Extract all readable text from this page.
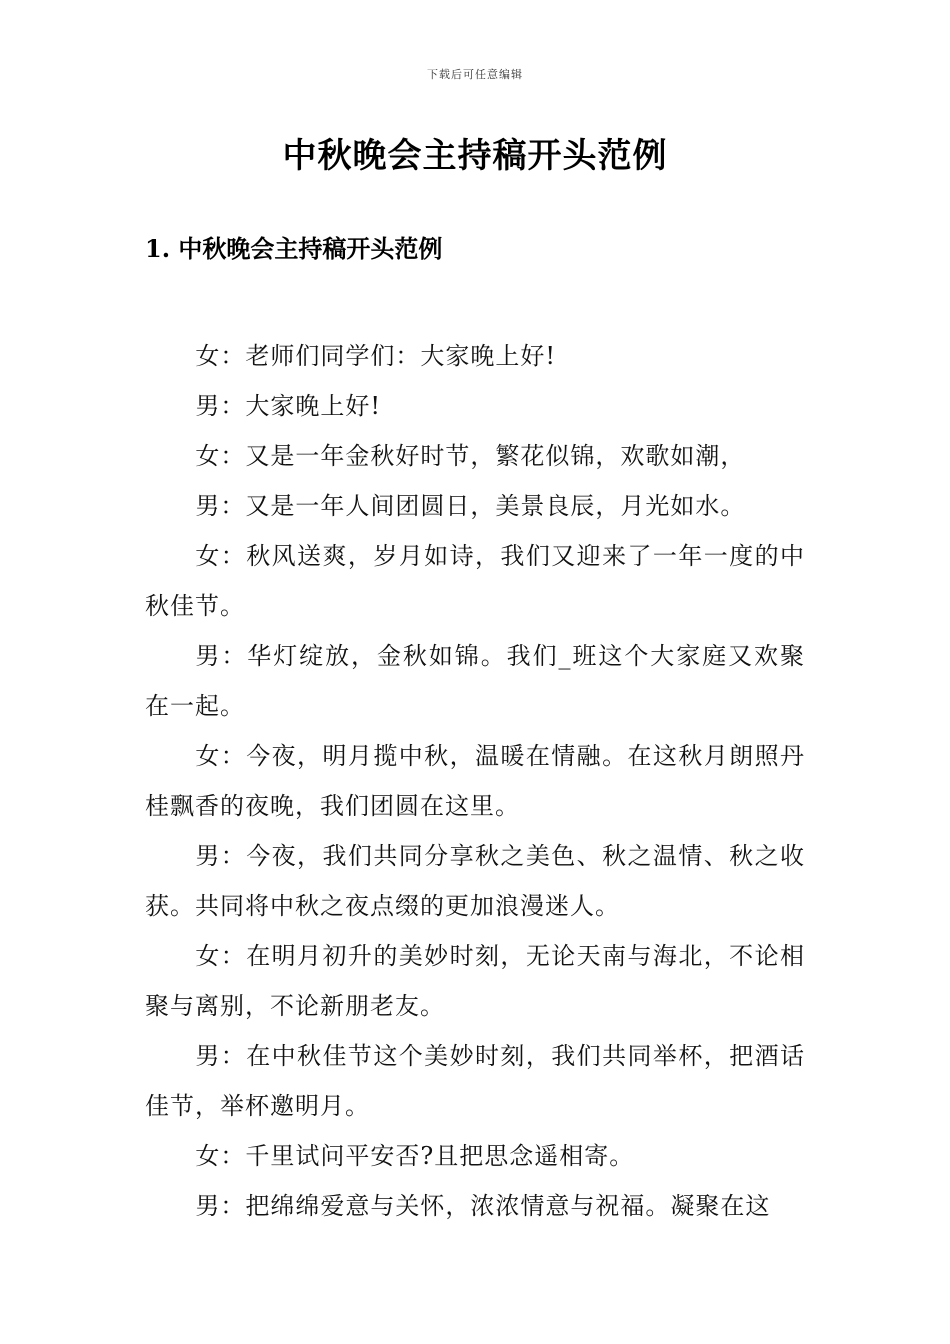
下载后可任意编辑
中秋晚会主持稿开头范例
1. 中秋晚会主持稿开头范例

女：老师们同学们：大家晚上好!

男：大家晚上好!

女：又是一年金秋好时节，繁花似锦，欢歌如潮，

男：又是一年人间团圆日，美景良辰，月光如水。

女：秋风送爽，岁月如诗，我们又迎来了一年一度的中秋佳节。

男：华灯绽放，金秋如锦。我们_班这个大家庭又欢聚在一起。

女：今夜，明月揽中秋，温暖在情融。在这秋月朗照丹桂飘香的夜晚，我们团圆在这里。

男：今夜，我们共同分享秋之美色、秋之温情、秋之收获。共同将中秋之夜点缀的更加浪漫迷人。

女：在明月初升的美妙时刻，无论天南与海北，不论相聚与离别，不论新朋老友。

男：在中秋佳节这个美妙时刻，我们共同举杯，把酒话佳节，举杯邀明月。

女：千里试问平安否?且把思念遥相寄。

男：把绵绵爱意与关怀，浓浓情意与祝福。凝聚在这
